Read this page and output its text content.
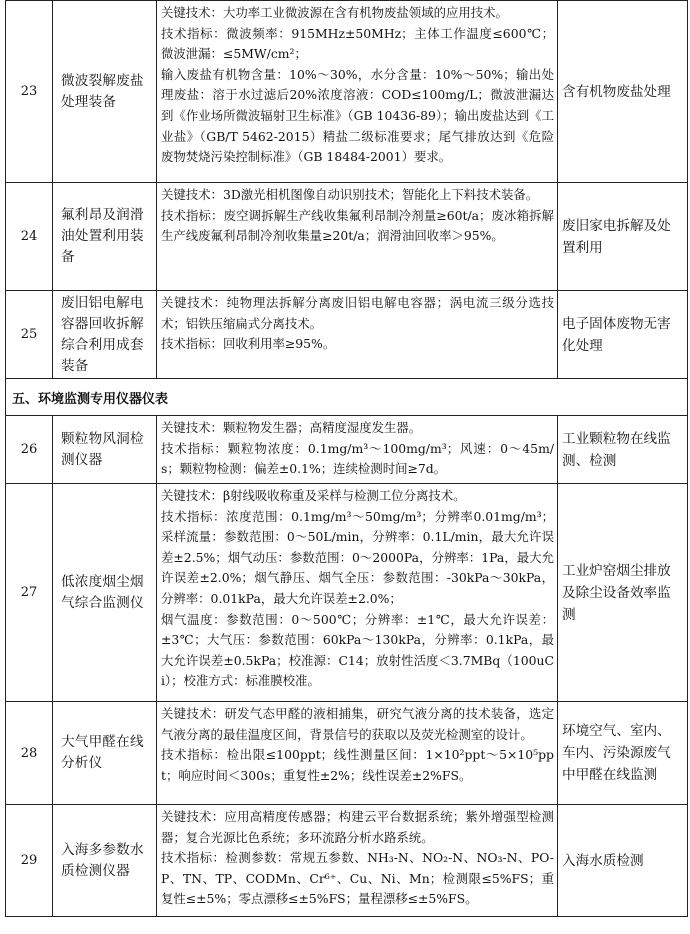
23	微波裂解废盐处理装备	关键技术：大功率工业微波源在含有机物废盐领域的应用技术。
技术指标：微波频率：915MHz±50MHz；主体工作温度≤600℃；微波泄漏：≤5MW/cm²；
输入废盐有机物含量：10%～30%，水分含量：10%～50%；输出处理废盐：溶于水过滤后20%浓度溶液：COD≤100mg/L；微波泄漏达到《作业场所微波辐射卫生标准》（GB 10436-89）；输出废盐达到《工业盐》（GB/T 5462-2015）精盐二级标准要求；尾气排放达到《危险废物焚烧污染控制标准》（GB 18484-2001）要求。	含有机物废盐处理
24	氟利昂及润滑油处置利用装备	关键技术：3D激光相机图像自动识别技术；智能化上下料技术装备。
技术指标：废空调拆解生产线收集氟利昂制冷剂量≥60t/a；废冰箱拆解生产线废氟利昂制冷剂收集量≥20t/a；润滑油回收率＞95%。	废旧家电拆解及处置利用
25	废旧铝电解电容器回收拆解综合利用成套装备	关键技术：纯物理法拆解分离废旧铝电解电容器；涡电流三级分选技术；铝铁压缩扁式分离技术。
技术指标：回收利用率≥95%。	电子固体废物无害化处理
五、环境监测专用仪器仪表			
26	颗粒物风洞检测仪器	关键技术：颗粒物发生器；高精度湿度发生器。
技术指标：颗粒物浓度：0.1mg/m³～100mg/m³；风速：0～45m/s；颗粒物检测：偏差±0.1%；连续检测时间≥7d。	工业颗粒物在线监测、检测
27	低浓度烟尘烟气综合监测仪	关键技术：β射线吸收称重及采样与检测工位分离技术。
技术指标：浓度范围：0.1mg/m³～50mg/m³；分辨率0.01mg/m³；采样流量：参数范围：0～50L/min，分辨率：0.1L/min，最大允许误差±2.5%；烟气动压：参数范围：0～2000Pa，分辨率：1Pa，最大允许误差±2.0%；烟气静压、烟气全压：参数范围：-30kPa～30kPa，分辨率：0.01kPa，最大允许误差±2.0%；
烟气温度：参数范围：0～500℃；分辨率：±1℃，最大允许误差：±3℃；大气压：参数范围：60kPa～130kPa，分辨率：0.1kPa，最大允许误差±0.5kPa；校准源：C14；放射性活度＜3.7MBq（100uCi）；校准方式：标准膜校准。	工业炉窑烟尘排放及除尘设备效率监测
28	大气甲醛在线分析仪	关键技术：研发气态甲醛的液相捕集，研究气液分离的技术装备，选定气液分离的最佳温度区间，背景信号的获取以及荧光检测室的设计。
技术指标：检出限≤100ppt；线性测量区间：1×10²ppt～5×10⁵ppt；响应时间＜300s；重复性±2%；线性误差±2%FS。	环境空气、室内、车内、污染源废气中甲醛在线监测
29	入海多参数水质检测仪器	关键技术：应用高精度传感器；构建云平台数据系统；紫外增强型检测器；复合光源比色系统；多环流路分析水路系统。
技术指标：检测参数：常规五参数、NH₃-N、NO₂-N、NO₃-N、PO-P、TN、TP、CODMn、Cr⁶⁺、Cu、Ni、Mn；检测限≤5%FS；重复性≤±5%；零点漂移≤±5%FS；量程漂移≤±5%FS。	入海水质检测
